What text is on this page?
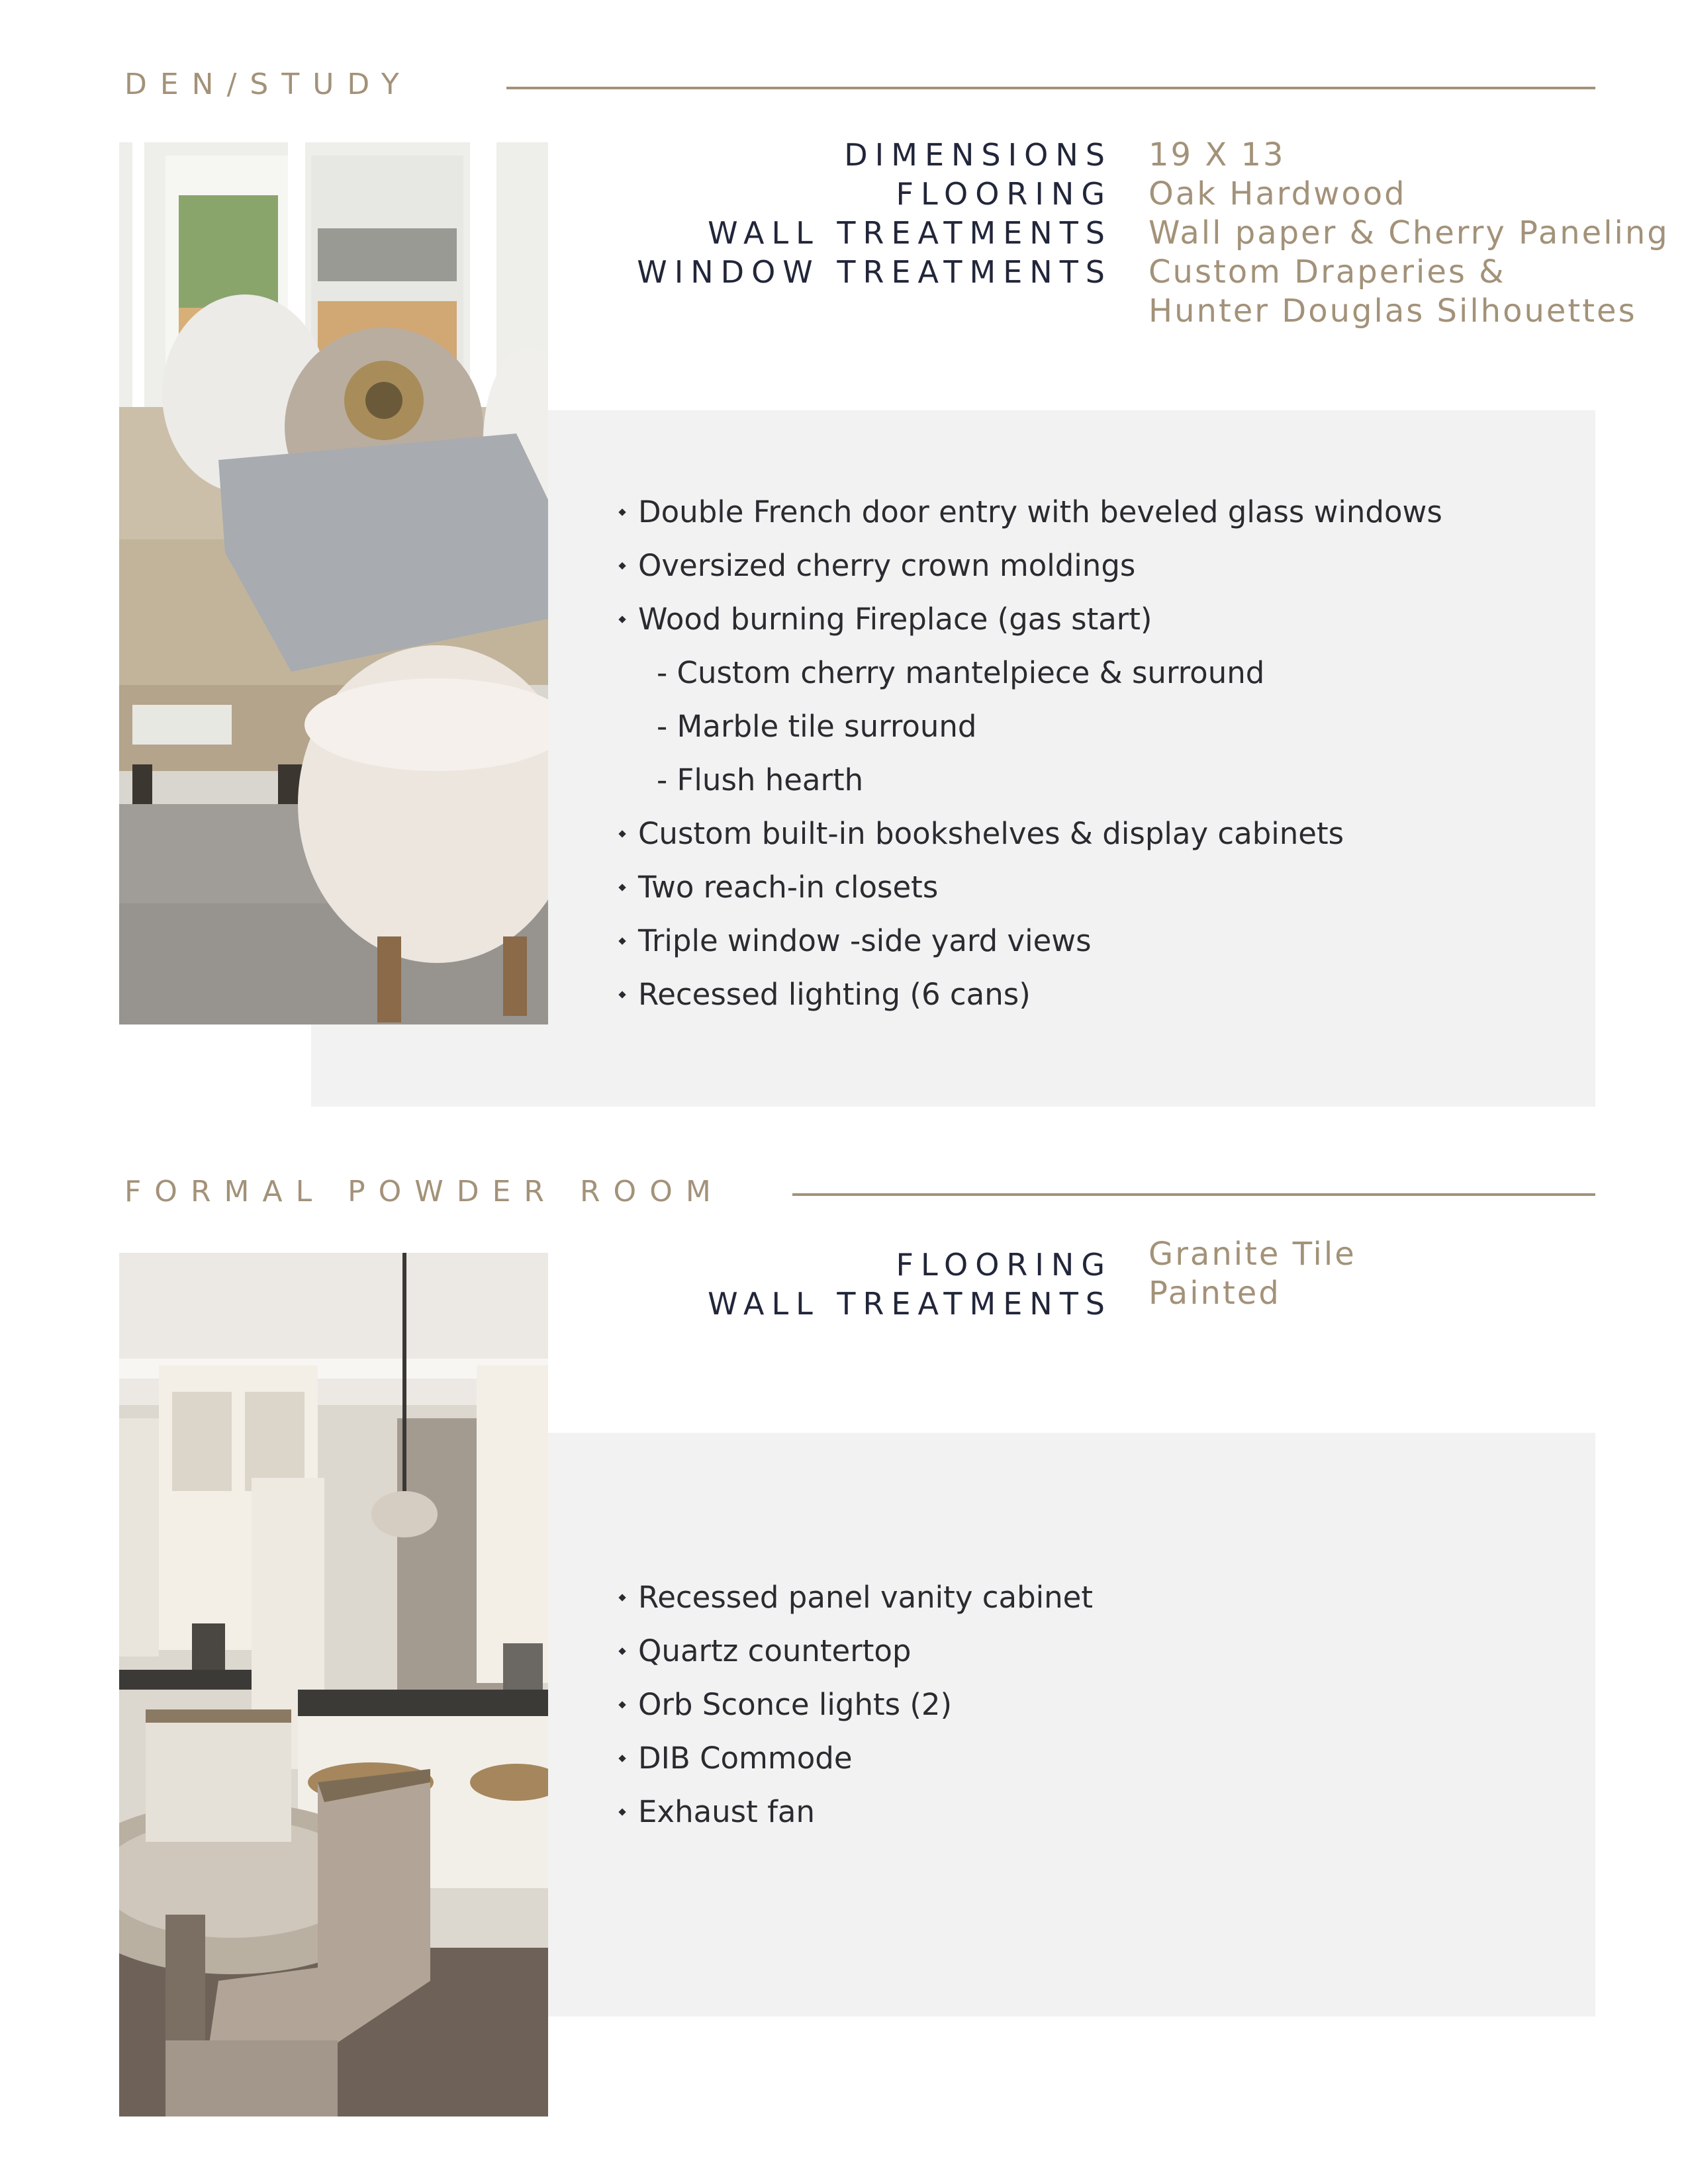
DEN/STUDY
DIMENSIONS
FLOORING
WALL TREATMENTS
WINDOW TREATMENTS
19 X 13
Oak Hardwood
Wall paper & Cherry Paneling
Custom Draperies &
Hunter Douglas Silhouettes
Double French door entry with beveled glass windows
Oversized cherry crown moldings
Wood burning Fireplace (gas start)
- Custom cherry mantelpiece & surround
- Marble tile surround
- Flush hearth
Custom built-in bookshelves & display cabinets
Two reach-in closets
Triple window -side yard views
Recessed lighting (6 cans)
FORMAL POWDER ROOM
FLOORING
WALL TREATMENTS
Granite Tile
Painted
Recessed panel vanity cabinet
Quartz countertop
Orb Sconce lights (2)
DIB Commode
Exhaust fan
